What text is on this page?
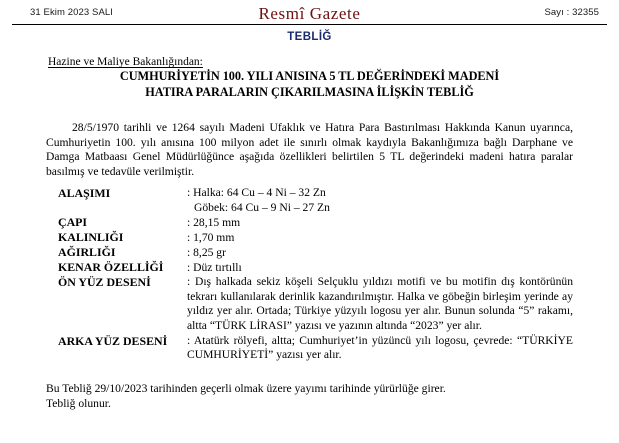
31 Ekim 2023 SALI	Resmî Gazete	Sayı : 32355
TEBLİĞ
Hazine ve Maliye Bakanlığından:
CUMHURİYETİN 100. YILI ANISINA 5 TL DEĞERİNDEKİ MADENİ
HATIRA PARALARIN ÇIKARILMASINA İLİŞKİN TEBLİĞ
28/5/1970 tarihli ve 1264 sayılı Madeni Ufaklık ve Hatıra Para Bastırılması Hakkında Kanun uyarınca, Cumhuriyetin 100. yılı anısına 100 milyon adet ile sınırlı olmak kaydıyla Bakanlığımıza bağlı Darphane ve Damga Matbaası Genel Müdürlüğünce aşağıda özellikleri belirtilen 5 TL değerindeki madeni hatıra paralar basılmış ve tedavüle verilmiştir.
ALAŞIMI	: Halka: 64 Cu – 4 Ni – 32 Zn
Göbek: 64 Cu – 9 Ni – 27 Zn
ÇAPI	: 28,15 mm
KALINLIĞI	: 1,70 mm
AĞIRLIĞI	: 8,25 gr
KENAR ÖZELLİĞİ	: Düz tırtıllı
ÖN YÜZ DESENİ	: Dış halkada sekiz köşeli Selçuklu yıldızı motifi ve bu motifin dış kontörünün tekrarı kullanılarak derinlik kazandırılmıştır. Halka ve göbeğin birleşim yerinde ay yıldız yer alır. Ortada; Türkiye yüzyılı logosu yer alır. Bunun solunda “5” rakamı, altta “TÜRK LİRASI” yazısı ve yazının altında “2023” yer alır.
ARKA YÜZ DESENİ	: Atatürk rölyefi, altta; Cumhuriyet’in yüzüncü yılı logosu, çevrede: “TÜRKİYE CUMHURİYETİ” yazısı yer alır.
Bu Tebliğ 29/10/2023 tarihinden geçerli olmak üzere yayımı tarihinde yürürlüğe girer.
Tebliğ olunur.
